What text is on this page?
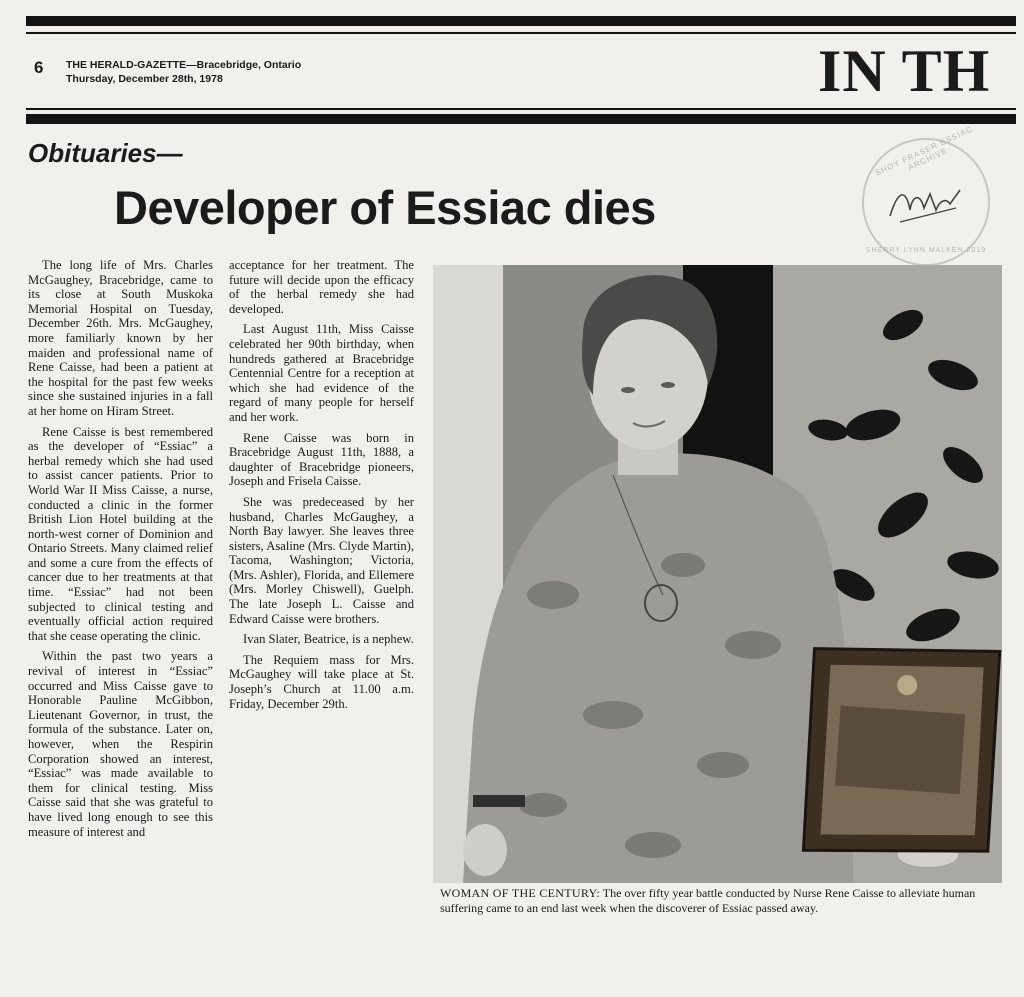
6 THE HERALD-GAZETTE—Bracebridge, Ontario
Thursday, December 28th, 1978	IN TH
Obituaries—
Developer of Essiac dies
SHOY FRASER ESSIAC ARCHIVE
SHERRY LYNN MALKEN 2019

The long life of Mrs. Charles McGaughey, Bracebridge, came to its close at South Muskoka Memorial Hospital on Tuesday, December 26th. Mrs. McGaughey, more familiarly known by her maiden and professional name of Rene Caisse, had been a patient at the hospital for the past few weeks since she sustained injuries in a fall at her home on Hiram Street.

Rene Caisse is best remembered as the developer of “Essiac” a herbal remedy which she had used to assist cancer patients. Prior to World War II Miss Caisse, a nurse, conducted a clinic in the former British Lion Hotel building at the north-west corner of Dominion and Ontario Streets. Many claimed relief and some a cure from the effects of cancer due to her treatments at that time. “Essiac” had not been subjected to clinical testing and eventually official action required that she cease operating the clinic.

Within the past two years a revival of interest in “Essiac” occurred and Miss Caisse gave to Honorable Pauline McGibbon, Lieutenant Governor, in trust, the formula of the substance. Later on, however, when the Respirin Corporation showed an interest, “Essiac” was made available to them for clinical testing. Miss Caisse said that she was grateful to have lived long enough to see this measure of interest and

acceptance for her treatment. The future will decide upon the efficacy of the herbal remedy she had developed.

Last August 11th, Miss Caisse celebrated her 90th birthday, when hundreds gathered at Bracebridge Centennial Centre for a reception at which she had evidence of the regard of many people for herself and her work.

Rene Caisse was born in Bracebridge August 11th, 1888, a daughter of Bracebridge pioneers, Joseph and Frisela Caisse.

She was predeceased by her husband, Charles McGaughey, a North Bay lawyer. She leaves three sisters, Asaline (Mrs. Clyde Martin), Tacoma, Washington; Victoria, (Mrs. Ashler), Florida, and Ellemere (Mrs. Morley Chiswell), Guelph. The late Joseph L. Caisse and Edward Caisse were brothers.

Ivan Slater, Beatrice, is a nephew.

The Requiem mass for Mrs. McGaughey will take place at St. Joseph’s Church at 11.00 a.m. Friday, December 29th.

WOMAN OF THE CENTURY: The over fifty year battle conducted by Nurse Rene Caisse to alleviate human suffering came to an end last week when the discoverer of Essiac passed away.
